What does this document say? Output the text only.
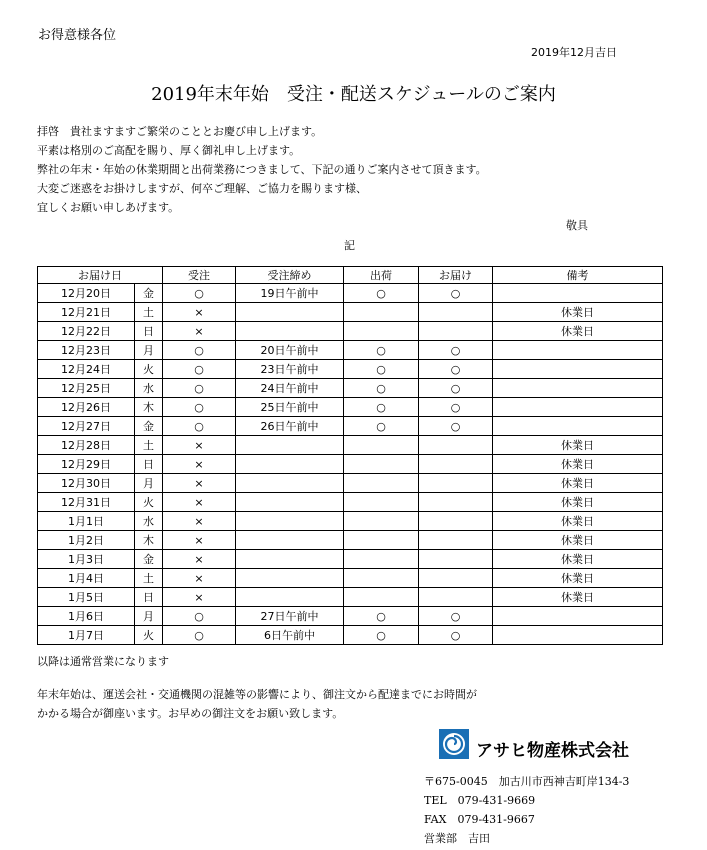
お得意様各位
2019年12月吉日
2019年末年始　受注・配送スケジュールのご案内
拝啓　貴社ますますご繁栄のこととお慶び申し上げます。
平素は格別のご高配を賜り、厚く御礼申し上げます。
弊社の年末・年始の休業期間と出荷業務につきまして、下記の通りご案内させて頂きます。
大変ご迷惑をお掛けしますが、何卒ご理解、ご協力を賜ります様、
宜しくお願い申しあげます。
敬具
記
お届け日		受注	受注締め	出荷	お届け	備考
12月20日	金	○	19日午前中	○	○	
12月21日	土	×				休業日
12月22日	日	×				休業日
12月23日	月	○	20日午前中	○	○	
12月24日	火	○	23日午前中	○	○	
12月25日	水	○	24日午前中	○	○	
12月26日	木	○	25日午前中	○	○	
12月27日	金	○	26日午前中	○	○	
12月28日	土	×				休業日
12月29日	日	×				休業日
12月30日	月	×				休業日
12月31日	火	×				休業日
1月1日	水	×				休業日
1月2日	木	×				休業日
1月3日	金	×				休業日
1月4日	土	×				休業日
1月5日	日	×				休業日
1月6日	月	○	27日午前中	○	○	
1月7日	火	○	6日午前中	○	○	
以降は通常営業になります
年末年始は、運送会社・交通機関の混雑等の影響により、御注文から配達までにお時間が
かかる場合が御座います。お早めの御注文をお願い致します。
アサヒ物産株式会社
〒675-0045　加古川市西神吉町岸134-3
TEL　079-431-9669
FAX　079-431-9667
営業部　吉田
